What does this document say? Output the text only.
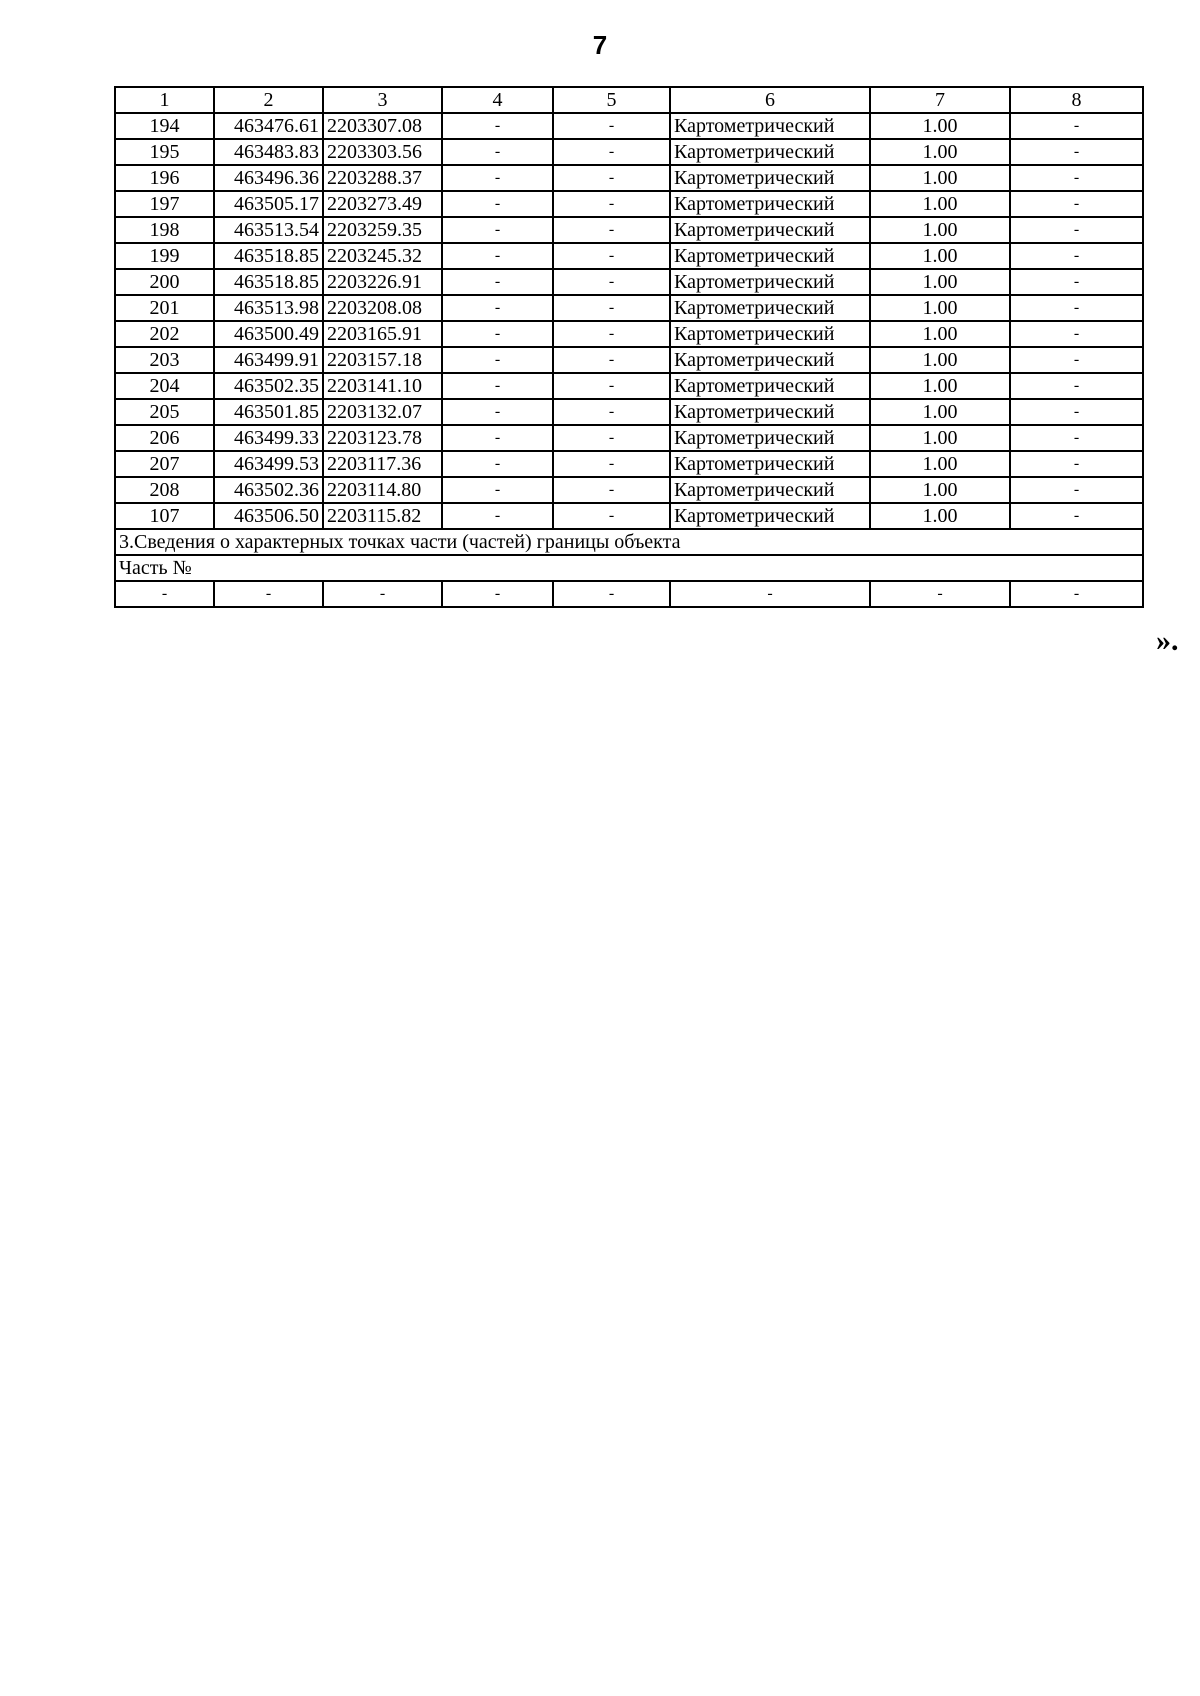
7
1	2	3	4	5	6	7	8
194	463476.61	2203307.08	-	-	Картометрический	1.00	-
195	463483.83	2203303.56	-	-	Картометрический	1.00	-
196	463496.36	2203288.37	-	-	Картометрический	1.00	-
197	463505.17	2203273.49	-	-	Картометрический	1.00	-
198	463513.54	2203259.35	-	-	Картометрический	1.00	-
199	463518.85	2203245.32	-	-	Картометрический	1.00	-
200	463518.85	2203226.91	-	-	Картометрический	1.00	-
201	463513.98	2203208.08	-	-	Картометрический	1.00	-
202	463500.49	2203165.91	-	-	Картометрический	1.00	-
203	463499.91	2203157.18	-	-	Картометрический	1.00	-
204	463502.35	2203141.10	-	-	Картометрический	1.00	-
205	463501.85	2203132.07	-	-	Картометрический	1.00	-
206	463499.33	2203123.78	-	-	Картометрический	1.00	-
207	463499.53	2203117.36	-	-	Картометрический	1.00	-
208	463502.36	2203114.80	-	-	Картометрический	1.00	-
107	463506.50	2203115.82	-	-	Картометрический	1.00	-
3.Сведения о характерных точках части (частей) границы объекта							
Часть №							
-	-	-	-	-	-	-	-
».
